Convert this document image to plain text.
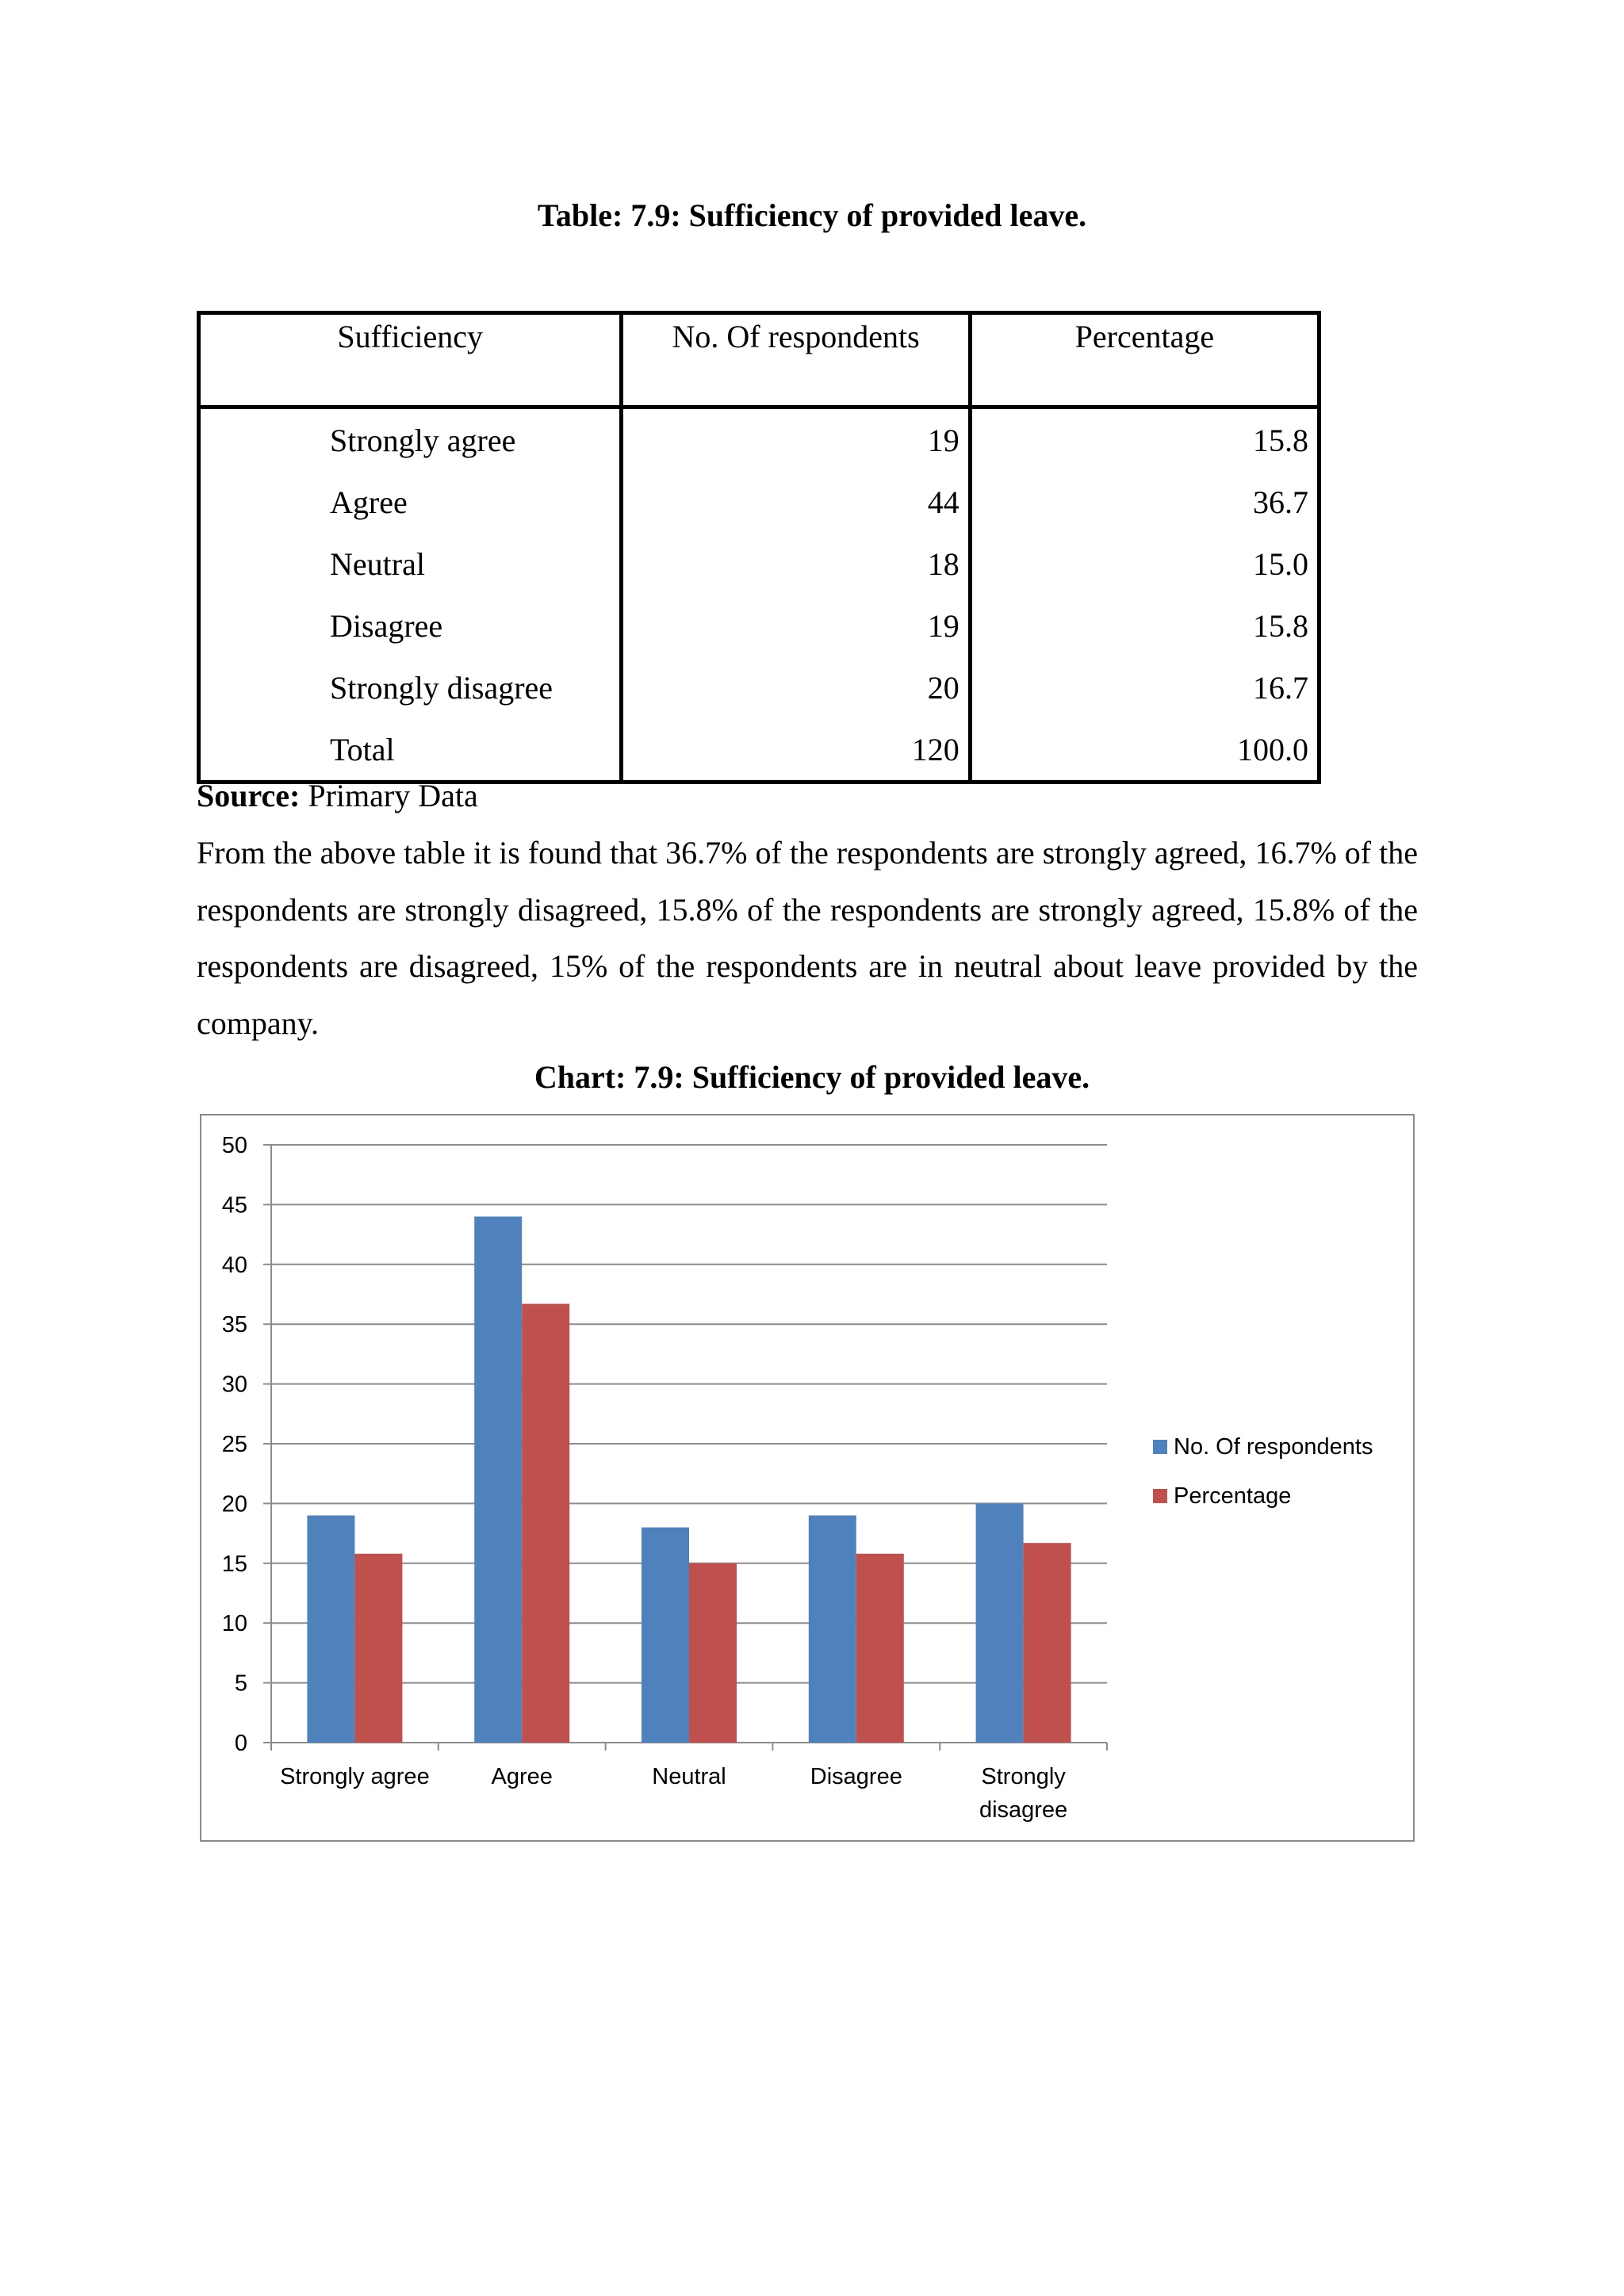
Table: 7.9: Sufficiency of provided leave.
Sufficiency	No. Of respondents	Percentage
Strongly agree	19	15.8
Agree	44	36.7
Neutral	18	15.0
Disagree	19	15.8
Strongly disagree	20	16.7
Total	120	100.0
Source: Primary Data
From the above table it is found that 36.7% of the respondents are strongly agreed, 16.7% of the respondents are strongly disagreed, 15.8% of the respondents are strongly agreed, 15.8% of the respondents are disagreed, 15% of the respondents are in neutral about leave provided by the company.
Chart: 7.9: Sufficiency of provided leave.
0
5
10
15
20
25
30
35
40
45
50
Strongly agree	Agree	Neutral	Disagree	Strongly disagree
No. Of respondents
Percentage
